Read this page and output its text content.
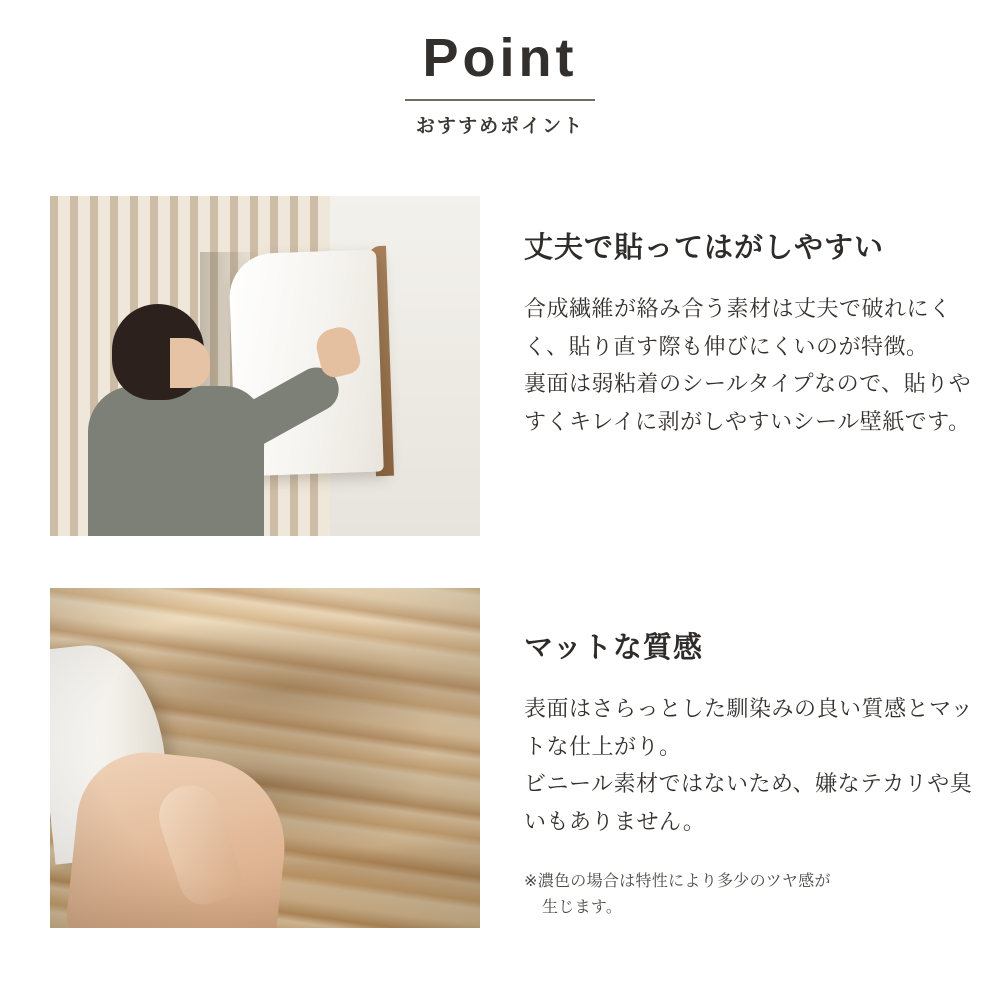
Point

おすすめポイント

丈夫で貼ってはがしやすい

合成繊維が絡み合う素材は丈夫で破れにくく、貼り直す際も伸びにくいのが特徴。
裏面は弱粘着のシールタイプなので、貼りやすくキレイに剥がしやすいシール壁紙です。

マットな質感

表面はさらっとした馴染みの良い質感とマットな仕上がり。
ビニール素材ではないため、嫌なテカリや臭いもありません。

※濃色の場合は特性により多少のツヤ感が
生じます。
